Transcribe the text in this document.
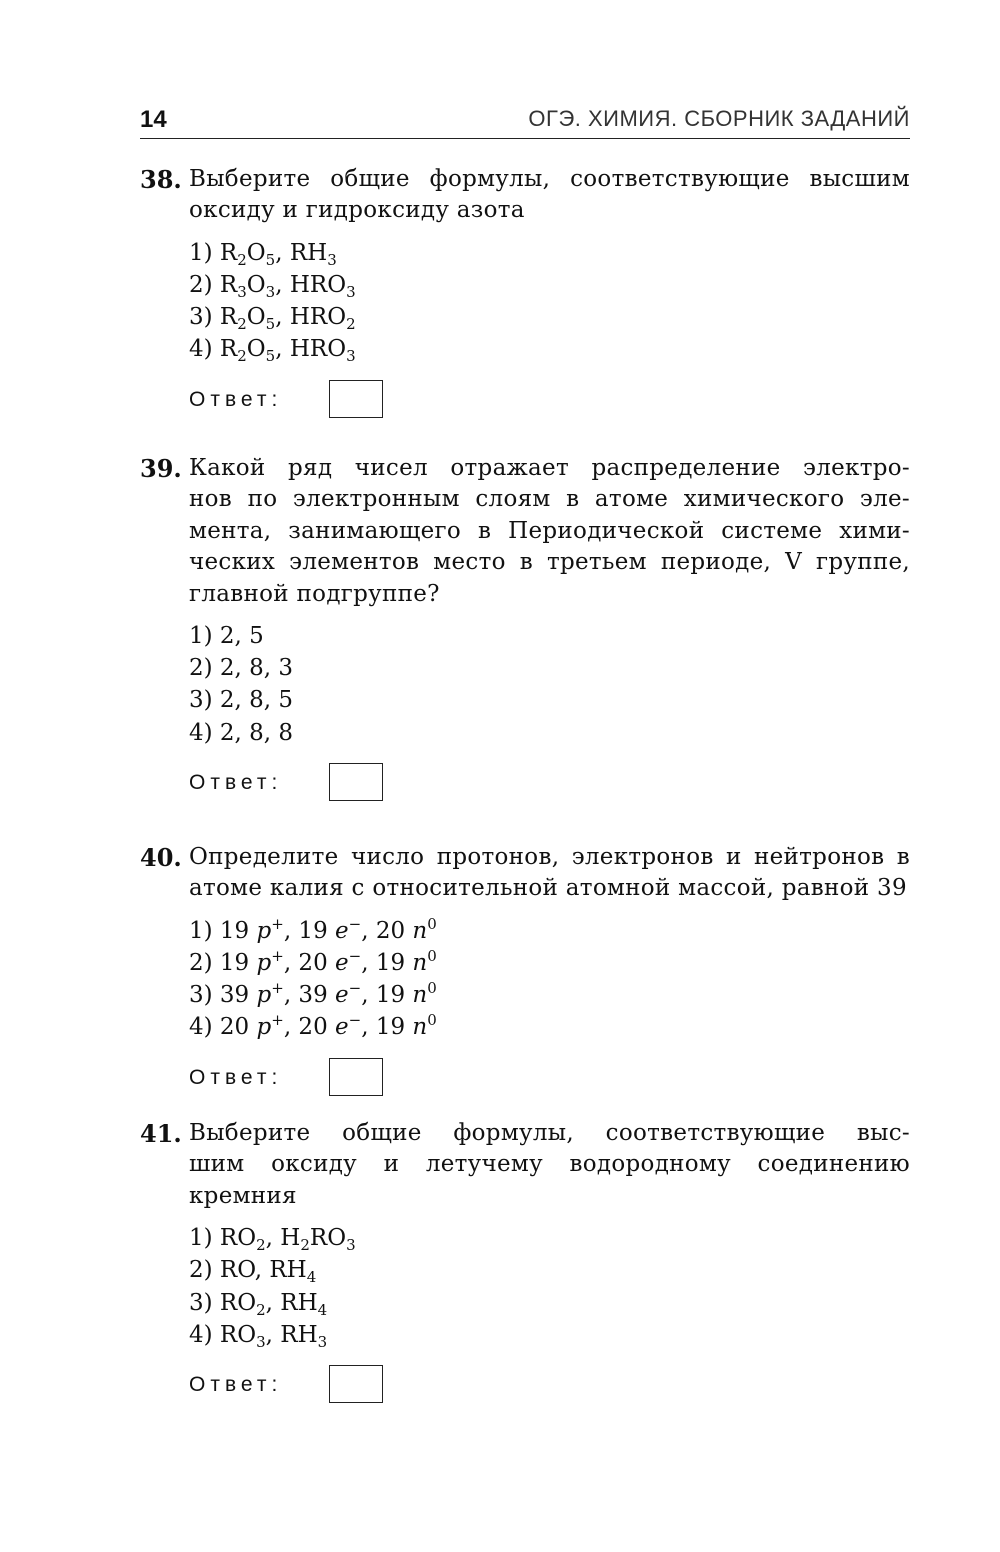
14	ОГЭ. ХИМИЯ. СБОРНИК ЗАДАНИЙ
38. Выберите общие формулы, соответствующие высшим
оксиду и гидроксиду азота
1) $R_2O_5$, $RH_3$
2) $R_3O_3$, $HRO_3$
3) $R_2O_5$, $HRO_2$
4) $R_2O_5$, $HRO_3$
Ответ:
39. Какой ряд чисел отражает распределение электро-
нов по электронным слоям в атоме химического эле-
мента, занимающего в Периодической системе хими-
ческих элементов место в третьем периоде, V группе,
главной подгруппе?
1) 2, 5
2) 2, 8, 3
3) 2, 8, 5
4) 2, 8, 8
Ответ:
40. Определите число протонов, электронов и нейтронов в
атоме калия с относительной атомной массой, равной 39
1) 19 p+, 19 e−, 20 $n^0$
2) 19 p+, 20 e−, 19 $n^0$
3) 39 p+, 39 e−, 19 $n^0$
4) 20 p+, 20 e−, 19 $n^0$
Ответ:
41. Выберите общие формулы, соответствующие выс-
шим оксиду и летучему водородному соединению
кремния
1) $RO_2$, $H_2RO_3$
2) RO, $RH_4$
3) $RO_2$, $RH_4$
4) $RO_3$, $RH_3$
Ответ:
